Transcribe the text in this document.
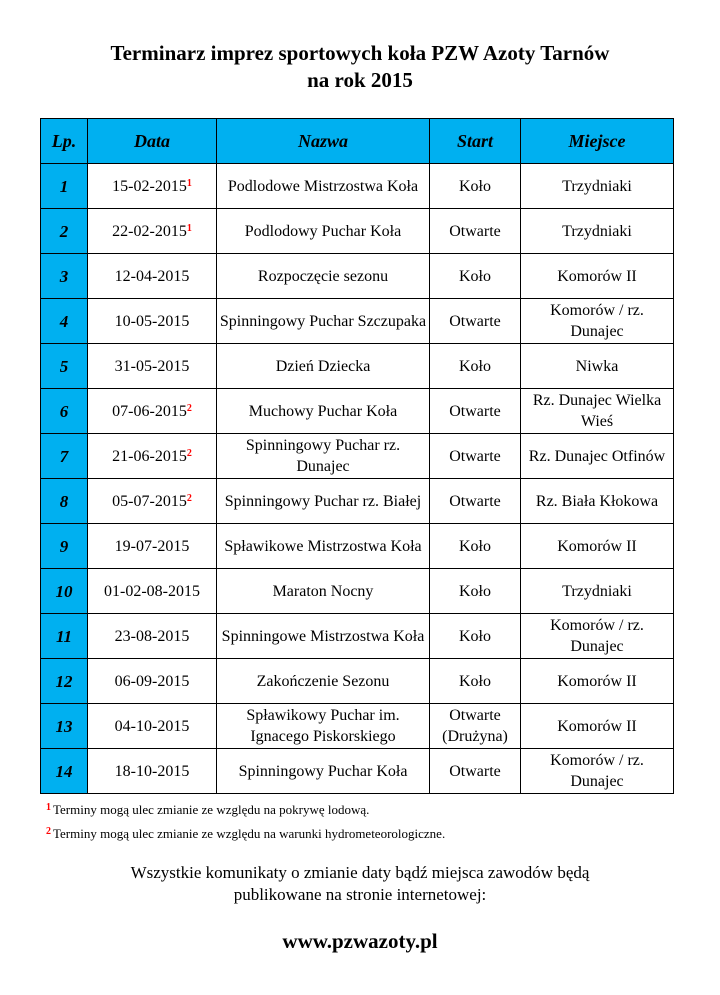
Terminarz imprez sportowych koła PZW Azoty Tarnów
na rok 2015
Lp.	Data	Nazwa	Start	Miejsce
1	15-02-2015$^1$	Podlodowe Mistrzostwa Koła	Koło	Trzydniaki
2	22-02-2015$^1$	Podlodowy Puchar Koła	Otwarte	Trzydniaki
3	12-04-2015	Rozpoczęcie sezonu	Koło	Komorów II
4	10-05-2015	Spinningowy Puchar Szczupaka	Otwarte	Komorów / rz. Dunajec
5	31-05-2015	Dzień Dziecka	Koło	Niwka
6	07-06-2015$^2$	Muchowy Puchar Koła	Otwarte	Rz. Dunajec Wielka Wieś
7	21-06-2015$^2$	Spinningowy Puchar rz. Dunajec	Otwarte	Rz. Dunajec Otfinów
8	05-07-2015$^2$	Spinningowy Puchar rz. Białej	Otwarte	Rz. Biała Kłokowa
9	19-07-2015	Spławikowe Mistrzostwa Koła	Koło	Komorów II
10	01-02-08-2015	Maraton Nocny	Koło	Trzydniaki
11	23-08-2015	Spinningowe Mistrzostwa Koła	Koło	Komorów / rz. Dunajec
12	06-09-2015	Zakończenie Sezonu	Koło	Komorów II
13	04-10-2015	Spławikowy Puchar im. Ignacego Piskorskiego	Otwarte (Drużyna)	Komorów II
14	18-10-2015	Spinningowy Puchar Koła	Otwarte	Komorów / rz. Dunajec
$^1$ Terminy mogą ulec zmianie ze względu na pokrywę lodową.
$^2$ Terminy mogą ulec zmianie ze względu na warunki hydrometeorologiczne.
Wszystkie komunikaty o zmianie daty bądź miejsca zawodów będą
publikowane na stronie internetowej:
www.pzwazoty.pl
